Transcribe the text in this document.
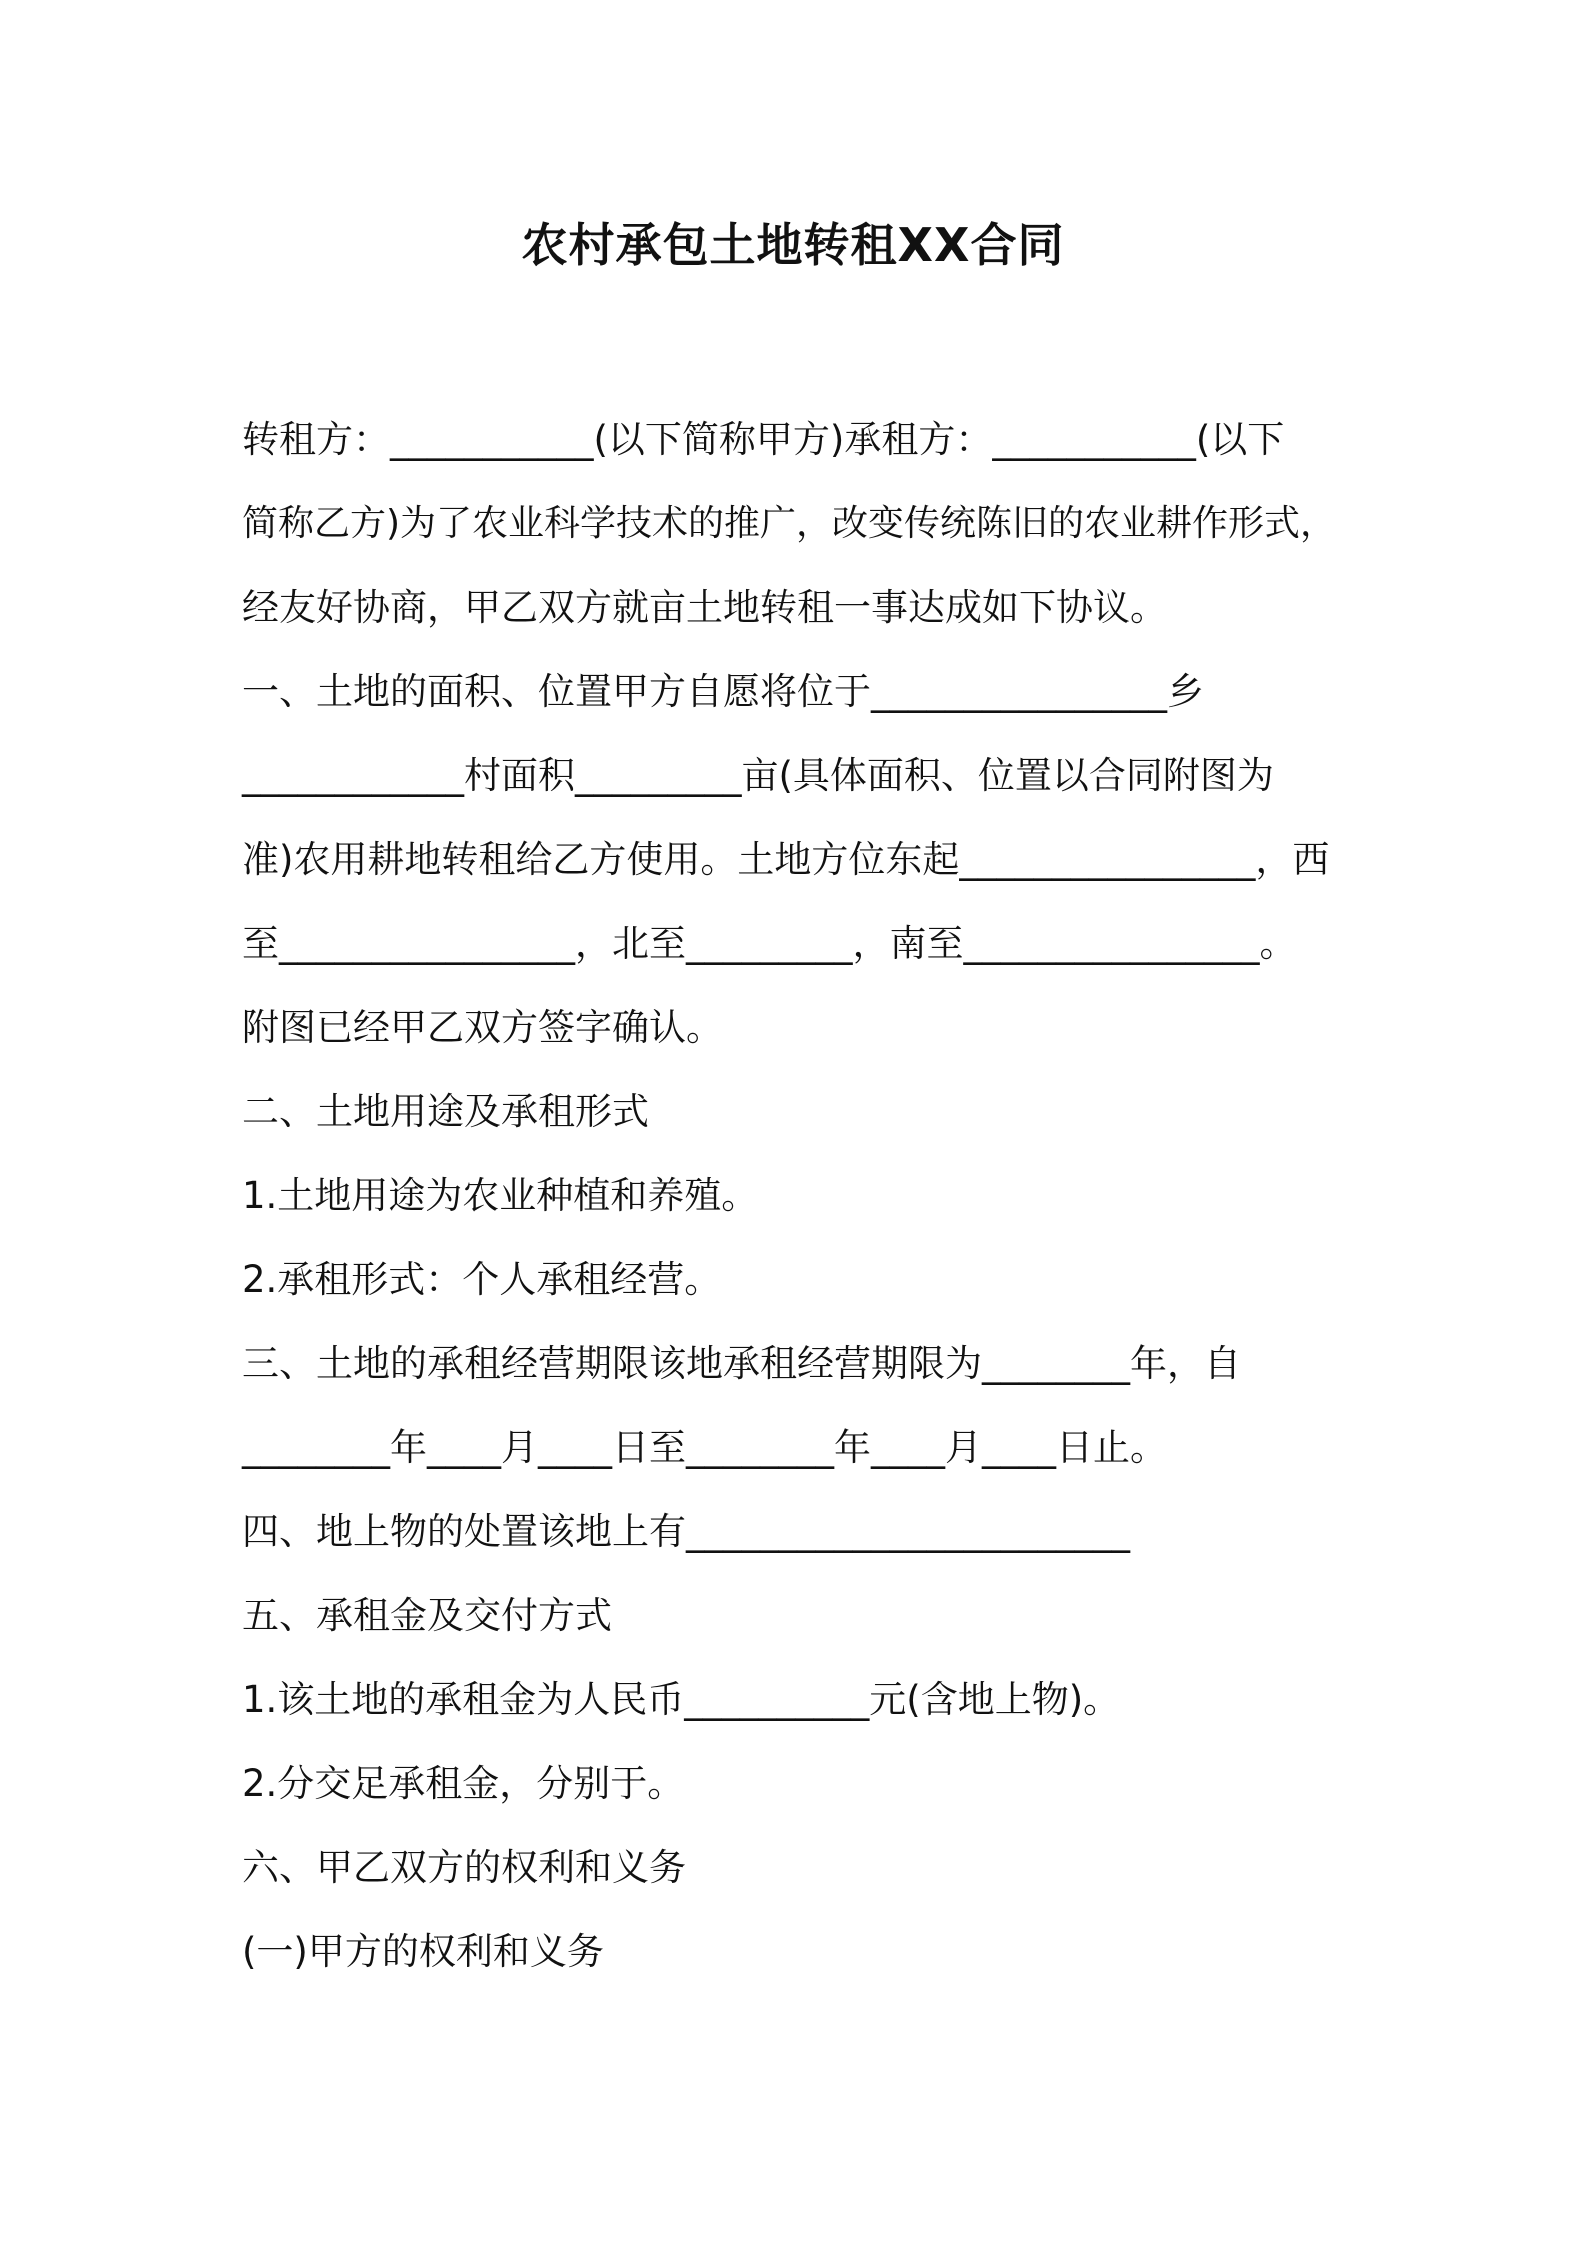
农村承包土地转租XX合同
转租方：___________(以下简称甲方)承租方：___________(以下
简称乙方)为了农业科学技术的推广，改变传统陈旧的农业耕作形式，
经友好协商，甲乙双方就亩土地转租一事达成如下协议。
一、土地的面积、位置甲方自愿将位于________________乡
____________村面积_________亩(具体面积、位置以合同附图为
准)农用耕地转租给乙方使用。土地方位东起________________，西
至________________，北至_________，南至________________。
附图已经甲乙双方签字确认。
二、土地用途及承租形式
1.土地用途为农业种植和养殖。
2.承租形式：个人承租经营。
三、土地的承租经营期限该地承租经营期限为________年，自
________年____月____日至________年____月____日止。
四、地上物的处置该地上有________________________
五、承租金及交付方式
1.该土地的承租金为人民币__________元(含地上物)。
2.分交足承租金，分别于。
六、甲乙双方的权利和义务
(一)甲方的权利和义务
